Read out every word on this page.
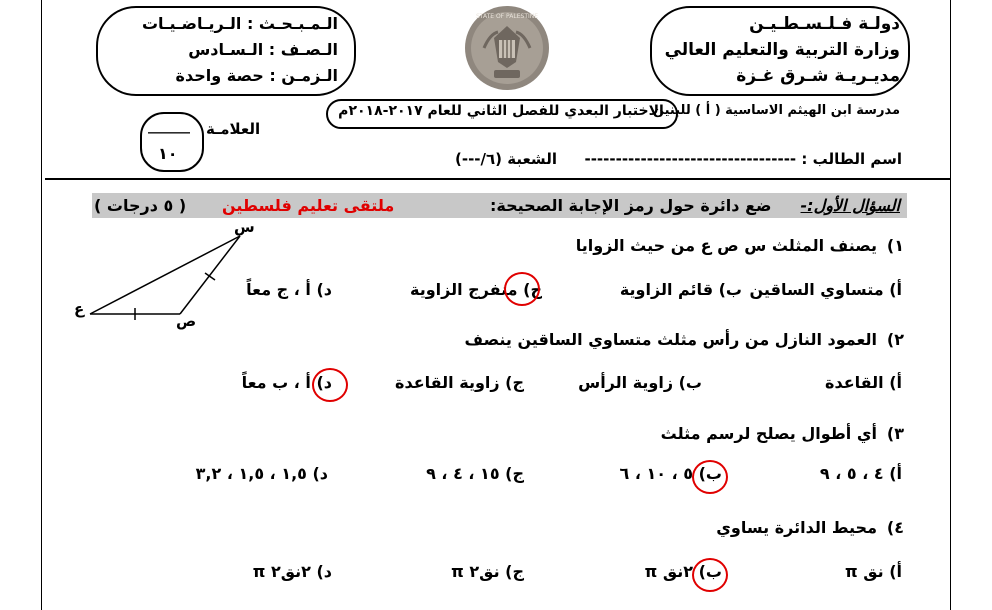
دولـة فـلـسـطـيـن
وزارة التربية والتعليم العالي
مديـريـة شـرق غـزة
الـمـبـحـث : الـريـاضـيـات
الـصـف : الـسـادس
الـزمـن : حصة واحدة
STATE OF PALESTINE
مدرسة ابن الهيثم الاساسية ( أ ) للبنين
الاختبار البعدي للفصل الثاني للعام ٢٠١٧-٢٠١٨م
العلامـة
______
١٠	اسم الطالب : ----------------------------------
الشعبة (٦/---)
السؤال الأول:-
ضع دائرة حول رمز الإجابة الصحيحة:
ملتقى تعليم فلسطين
( ٥ درجات )
س
ص
ع
١)
يصنف المثلث س ص ع من حيث الزوايا
أ) متساوي الساقين
ب) قائم الزاوية
ج) منفرج الزاوية
د) أ ، ج معاً
٢)
العمود النازل من رأس مثلث متساوي الساقين ينصف
أ) القاعدة
ب) زاوية الرأس
ج) زاوية القاعدة
د) أ ، ب معاً
٣)
أي أطوال يصلح لرسم مثلث
أ) ٤ ، ٥ ، ٩
ب) ٥ ، ١٠ ، ٦
ج) ١٥ ، ٤ ، ٩
د) ١,٥ ، ١,٥ ، ٣,٢
٤)
محيط الدائرة يساوي
أ) نق π
ب) ٢نق π
ج) نق٢ π
د) ٢نق٢ π
